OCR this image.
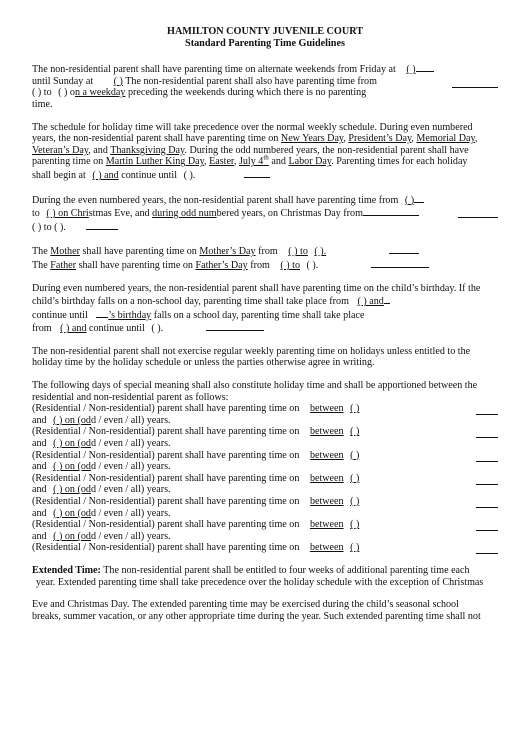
HAMILTON COUNTY JUVENILE COURT
Standard Parenting Time Guidelines
The non-residential parent shall have parenting time on alternate weekends from Friday at ( )
until Sunday at ( ) The non-residential parent shall also have parenting time from
( ) to ( ) on a weekday preceding the weekends during which there is no parenting
time.
The schedule for holiday time will take precedence over the normal weekly schedule. During even numbered
years, the non-residential parent shall have parenting time on New Years Day, President’s Day, Memorial Day,
Veteran’s Day, and Thanksgiving Day. During the odd numbered years, the non-residential parent shall have
parenting time on Martin Luther King Day, Easter, July 4th and Labor Day. Parenting times for each holiday
shall begin at ( ) and continue until ( ).
During the even numbered years, the non-residential parent shall have parenting time from ( )
to ( ) on Christmas Eve, and during odd numbered years, on Christmas Day from
( ) to ( ).
The Mother shall have parenting time on Mother’s Day from ( ) to ( ).
The Father shall have parenting time on Father’s Day from ( ) to ( ).
During even numbered years, the non-residential parent shall have parenting time on the child’s birthday. If the
child’s birthday falls on a non-school day, parenting time shall take place from ( ) and
continue until ’s birthday falls on a school day, parenting time shall take place
from ( ) and continue until ( ).
The non-residential parent shall not exercise regular weekly parenting time on holidays unless entitled to the
holiday time by the holiday schedule or unless the parties otherwise agree in writing.
The following days of special meaning shall also constitute holiday time and shall be apportioned between the
residential and non-residential parent as follows:
(Residential / Non-residential) parent shall have parenting time on between ( )
and ( ) on (odd / even / all) years.
(Residential / Non-residential) parent shall have parenting time on between ( )
and ( ) on (odd / even / all) years.
(Residential / Non-residential) parent shall have parenting time on between ( )
and ( ) on (odd / even / all) years.
(Residential / Non-residential) parent shall have parenting time on between ( )
and ( ) on (odd / even / all) years.
(Residential / Non-residential) parent shall have parenting time on between ( )
and ( ) on (odd / even / all) years.
(Residential / Non-residential) parent shall have parenting time on between ( )
and ( ) on (odd / even / all) years.
(Residential / Non-residential) parent shall have parenting time on between ( )
Extended Time: The non-residential parent shall be entitled to four weeks of additional parenting time each
year. Extended parenting time shall take precedence over the holiday schedule with the exception of Christmas
Eve and Christmas Day. The extended parenting time may be exercised during the child’s seasonal school
breaks, summer vacation, or any other appropriate time during the year. Such extended parenting time shall not
